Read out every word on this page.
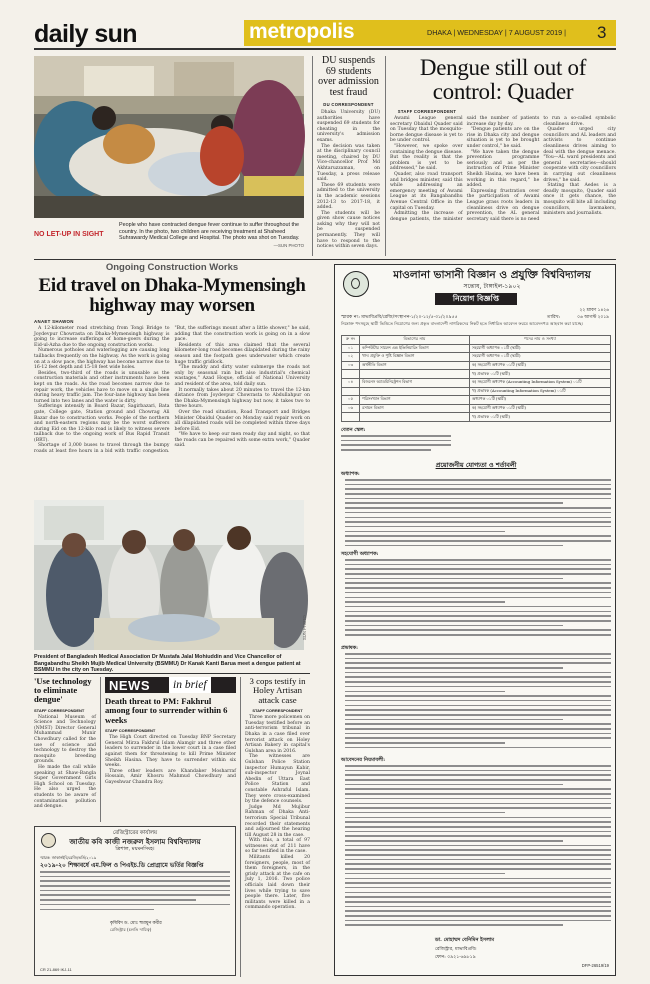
daily sun	metropolis	DHAKA | WEDNESDAY | 7 AUGUST 2019 | 3
NO LET-UP IN SIGHT
People who have contracted dengue fever continue to suffer throughout the country. In the photo, two children are receiving treatment at Shaheed Suhrawardy Medical College and Hospital. The photo was shot on Tuesday.
—SUN PHOTO
DU suspends 69 students over admission test fraud
DU CORRESPONDENT

Dhaka University (DU) authorities have suspended 69 students for cheating in the university's admission exams.

The decision was taken at the disciplinary council meeting, chaired by DU Vice-chancellor Prof Md Akhtaruzzaman, on Tuesday, a press release said.

These 69 students were admitted to the university in the academic sessions 2012-13 to 2017-18, it added.

The students will be given show cause notices asking why they will not be suspended permanently. They will have to respond to the notices within seven days.

Dengue still out of control: Quader
STAFF CORRESPONDENT

Awami League general secretary Obaidul Quader said on Tuesday that the mosquito-borne dengue disease is yet to be under control.

"However, we spoke over containing the dengue disease. But the reality is that the problem is yet to be addressed," he said.

Quader, also road transport and bridges minister, said this while addressing an emergency meeting of Awami League at its Bangabandhu Avenue Central Office in the capital on Tuesday.

Admitting the increase of dengue patients, the minister said the number of patients increase day by day.

"Dengue patients are on the rise in Dhaka city and dengue situation is yet to be brought under control," he said.

"We have taken the dengue prevention programme seriously and as per the instruction of Prime Minister Sheikh Hasina, we have been working in this regard," he added.

Expressing frustration over the participation of Awami League grass roots leaders in cleanliness drive on dengue prevention, the AL general secretary said there is no need to run a so-called symbolic cleanliness drive.

Quader urged city councillors and AL leaders and activists to continue cleanliness drives aiming to deal with the dengue menace. "You—AL ward presidents and general secretaries—should cooperate with city councillors in carrying out cleanliness drives," he said.

Stating that Aedes is a deadly mosquito, Quader said once it gets chance, the mosquito will bite all including councillors, lawmakers, ministers and journalists.

Ongoing Construction Works
Eid travel on Dhaka-Mymensingh highway may worsen
ANAET SHAWON

A 12-kilometer road stretching from Tongi Bridge to Joydevpur Chowrasta on Dhaka-Mymensingh highway is going to increase sufferings of home-goers during the Eid-ul-Azha due to the ongoing construction works.

Numerous potholes and waterlogging are causing long tailbacks frequently on the highway. As the work is going on at a slow pace, the highway has become narrow due to 16-12 feet depth and 15-18 feet wide holes.

Besides, two-third of the roads is unusable as the construction materials and other instruments have been kept on the roads. As the road becomes narrow due to repair work, the vehicles have to move on a single line during heavy traffic jam. The four-lane highway has been turned into two lanes and the water is dirty.

Sufferings intensify in Board Bazar, Sagirbazari, Bata gate, College gate, Station ground and Chowrag Ali Bazar due to construction works. People of the northern and north-eastern regions may be the worst sufferers during Eid on the 12-kilo road is likely to witness severe tailback due to the ongoing work of Bus Rapid Transit (BRT).

Shortage of 3,000 buses to travel through the bumpy roads at least five hours in a bid with traffic congestion. "But, the sufferings mount after a little shower," he said, adding that the construction work is going on in a slow pace.

Residents of this area claimed that the several kilometer-long road becomes dilapidated during the rainy season and the footpath goes underwater which create huge traffic gridlock.

"The muddy and dirty water submerge the roads not only by seasonal rain but also industrial's chemical wastages," Azad Hoque, official of National University and resident of the area, told daily sun.

It normally takes about 20 minutes to travel the 12-km distance from Joydevpur Chowrasta to Abdullahpur on the Dhaka-Mymensingh highway but now, it takes two to three hours.

Over the road situation, Road Transport and Bridges Minister Obaidul Quader on Monday said repair work on all dilapidated roads will be completed within three days before Eid.

"We have to keep our men ready day and night, so that the roads can be repaired with some extra work," Quader said.

SUN PHOTO
President of Bangladesh Medical Association Dr Mustafa Jalal Mohiuddin and Vice Chancellor of Bangabandhu Sheikh Mujib Medical University (BSMMU) Dr Kanak Kanti Barua meet a dengue patient at BSMMU in the city on Tuesday.
'Use technology to eliminate dengue'
STAFF CORRESPONDENT

National Museum of Science and Technology (NMST) Director General Muhammad Munir Chowdhury called for the use of science and technology to destroy the mosquito breeding grounds.

He made the call while speaking at Shaw-Bangla Super Government Girls High School on Tuesday. He also urged the students to be aware of contamination pollution and dengue.

NEWS	in brief
Death threat to PM: Fakhrul among four to surrender within 6 weeks
STAFF CORRESPONDENT

The High Court directed on Tuesday BNP Secretary General Mirza Fakhrul Islam Alamgir and three other leaders to surrender in the lower court in a case filed against them for threatening to kill Prime Minister Sheikh Hasina. They have to surrender within six weeks.

Three other leaders are Khandaker Mosharraf Hossain, Amir Khosru Mahmud Chowdhury and Gayeshwar Chandra Roy.

3 cops testify in Holey Artisan attack case
STAFF CORRESPONDENT

Three more policemen on Tuesday testified before an anti-terrorism tribunal in Dhaka in a case filed over terrorist attack on Holey Artisan Bakery in capital's Gulshan area in 2016.

The witnesses are Gulshan Police Station inspector Humayun Kabir, sub-inspector Joynal Abedin of Uttara East Police Station and constable Ashraful Islam. They were cross-examined by the defence counsels.

Judge Md Mujibur Rahman of Dhaka Anti-terrorism Special Tribunal recorded their statements and adjourned the hearing till August 28 in the case.

With this, a total of 97 witnesses out of 211 have so far testified in the case.

Militants killed 20 foreigners, people, most of them foreigners, in the grisly attack at the cafe on July 1, 2016. Two police officials laid down their lives while trying to save people there. Later, five militants were killed in a commando operation.

রেজিস্ট্রারের কার্যালয়
জাতীয় কবি কাজী নজরুল ইসলাম বিশ্ববিদ্যালয়
ত্রিশাল, ময়মনসিংহ।
স্মারক: জাকানইবি/রেজি/ভর্তি/২০১৯
২০১৯-২০ শিক্ষাবর্ষে এম.ফিল ও পিএইচ.ডি প্রোগ্রামে ভর্তির বিজ্ঞপ্তি
কৃষিবিদ ড. মোঃ হুমায়ুন কবীর
রেজিস্ট্রার (চলতি দায়িত্ব)
CR 21-869 IKJ-11
মাওলানা ভাসানী বিজ্ঞান ও প্রযুক্তি বিশ্ববিদ্যালয়
সন্তোষ, টাঙ্গাইল-১৯০২
নিয়োগ বিজ্ঞপ্তি
২২ শ্রাবণ ১৪২৬
স্মারক নং: মাভাবিপ্রবি/রেজি/সংস্থাপন-১/২০-১২/৫-৩১/২০৯৫৫	তারিখ:	০৬ আগস্ট ২০১৯
নিম্নোক্ত পদসমূহে স্থায়ী ভিত্তিতে নিয়োগের জন্য প্রকৃত বাংলাদেশী নাগরিকদের নিকট হতে নির্ধারিত আবেদন ফরমে আবেদনপত্র আহবান করা যাচ্ছে।
ক্র নং	বিভাগের নাম	পদের নাম ও সংখ্যা
০১	কম্পিউটার সায়েন্স এন্ড ইঞ্জিনিয়ারিং বিভাগ	সহযোগী অধ্যাপক ০১টি (স্থায়ী)
০২	খাদ্য প্রযুক্তি ও পুষ্টি বিজ্ঞান বিভাগ	সহযোগী অধ্যাপক ০১টি (স্থায়ী)
০৩	অর্থনীতি বিভাগ	ক) সহযোগী অধ্যাপক ০১টি (স্থায়ী)
		খ) প্রভাষক ০১টি (স্থায়ী)
০৪	বিজনেস অ্যাডমিনিস্ট্রেশন বিভাগ	ক) সহযোগী অধ্যাপক (Accounting Information System) ০১টি
		খ) প্রভাষক (Accounting Information System) ০১টি
০৫	পরিসংখ্যান বিভাগ	অধ্যাপক ০১টি (স্থায়ী)
০৬	রসায়ন বিভাগ	ক) সহযোগী অধ্যাপক ০১টি (স্থায়ী)
		খ) প্রভাষক ০১টি (স্থায়ী)
বেতন স্কেল:
প্রয়োজনীয় যোগ্যতা ও শর্তাবলী
অধ্যাপক:
সহযোগী অধ্যাপক:
প্রভাষক:
আবেদনের নিয়মাবলী:
ডা. মোহাম্মদ বেনিমিন ইসলাম
রেজিস্ট্রার, মাভাবিপ্রবি।
ফোন: ০৯২১-৬৯৮১৯
DFP-26519/19
